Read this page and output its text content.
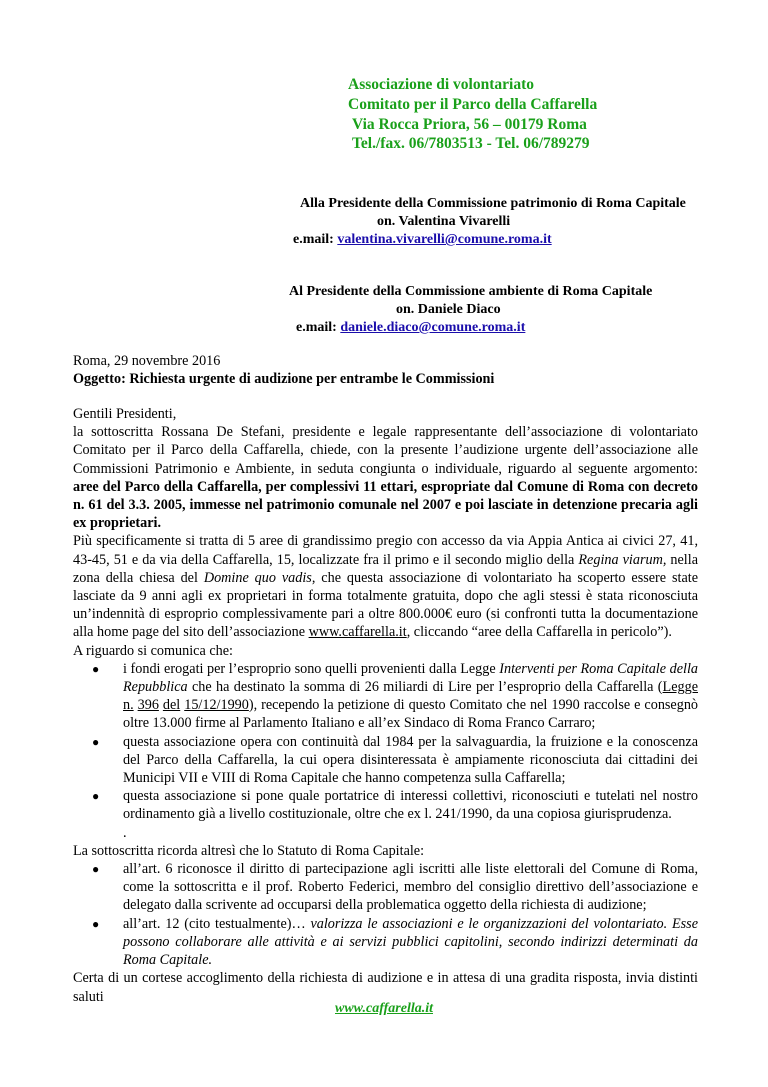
Associazione di volontariato
Comitato per il Parco della Caffarella
Via Rocca Priora, 56 – 00179 Roma
Tel./fax. 06/7803513 - Tel. 06/789279
Alla Presidente della Commissione patrimonio di Roma Capitale
on. Valentina Vivarelli
e.mail: valentina.vivarelli@comune.roma.it
Al Presidente della Commissione ambiente di Roma Capitale
on. Daniele Diaco
e.mail: daniele.diaco@comune.roma.it
Roma, 29 novembre 2016
Oggetto: Richiesta urgente di audizione per entrambe le Commissioni

Gentili Presidenti,

la sottoscritta Rossana De Stefani, presidente e legale rappresentante dell’associazione di volontariato Comitato per il Parco della Caffarella, chiede, con la presente l’audizione urgente dell’associazione alle Commissioni Patrimonio e Ambiente, in seduta congiunta o individuale, riguardo al seguente argomento: aree del Parco della Caffarella, per complessivi 11 ettari, espropriate dal Comune di Roma con decreto n. 61 del 3.3. 2005, immesse nel patrimonio comunale nel 2007 e poi lasciate in detenzione precaria agli ex proprietari.

Più specificamente si tratta di 5 aree di grandissimo pregio con accesso da via Appia Antica ai civici 27, 41, 43-45, 51 e da via della Caffarella, 15, localizzate fra il primo e il secondo miglio della Regina viarum, nella zona della chiesa del Domine quo vadis, che questa associazione di volontariato ha scoperto essere state lasciate da 9 anni agli ex proprietari in forma totalmente gratuita, dopo che agli stessi è stata riconosciuta un’indennità di esproprio complessivamente pari a oltre 800.000€ euro (si confronti tutta la documentazione alla home page del sito dell’associazione www.caffarella.it, cliccando “aree della Caffarella in pericolo”).

A riguardo si comunica che:

● i fondi erogati per l’esproprio sono quelli provenienti dalla Legge Interventi per Roma Capitale della Repubblica che ha destinato la somma di 26 miliardi di Lire per l’esproprio della Caffarella (Legge n. 396 del 15/12/1990), recependo la petizione di questo Comitato che nel 1990 raccolse e consegnò oltre 13.000 firme al Parlamento Italiano e all’ex Sindaco di Roma Franco Carraro;
● questa associazione opera con continuità dal 1984 per la salvaguardia, la fruizione e la conoscenza del Parco della Caffarella, la cui opera disinteressata è ampiamente riconosciuta dai cittadini dei Municipi VII e VIII di Roma Capitale che hanno competenza sulla Caffarella;
● questa associazione si pone quale portatrice di interessi collettivi, riconosciuti e tutelati nel nostro ordinamento già a livello costituzionale, oltre che ex l. 241/1990, da una copiosa giurisprudenza.

.

La sottoscritta ricorda altresì che lo Statuto di Roma Capitale:

● all’art. 6 riconosce il diritto di partecipazione agli iscritti alle liste elettorali del Comune di Roma, come la sottoscritta e il prof. Roberto Federici, membro del consiglio direttivo dell’associazione e delegato dalla scrivente ad occuparsi della problematica oggetto della richiesta di audizione;
● all’art. 12 (cito testualmente)… valorizza le associazioni e le organizzazioni del volontariato. Esse possono collaborare alle attività e ai servizi pubblici capitolini, secondo indirizzi determinati da Roma Capitale.

Certa di un cortese accoglimento della richiesta di audizione e in attesa di una gradita risposta, invia distinti saluti

www.caffarella.it
